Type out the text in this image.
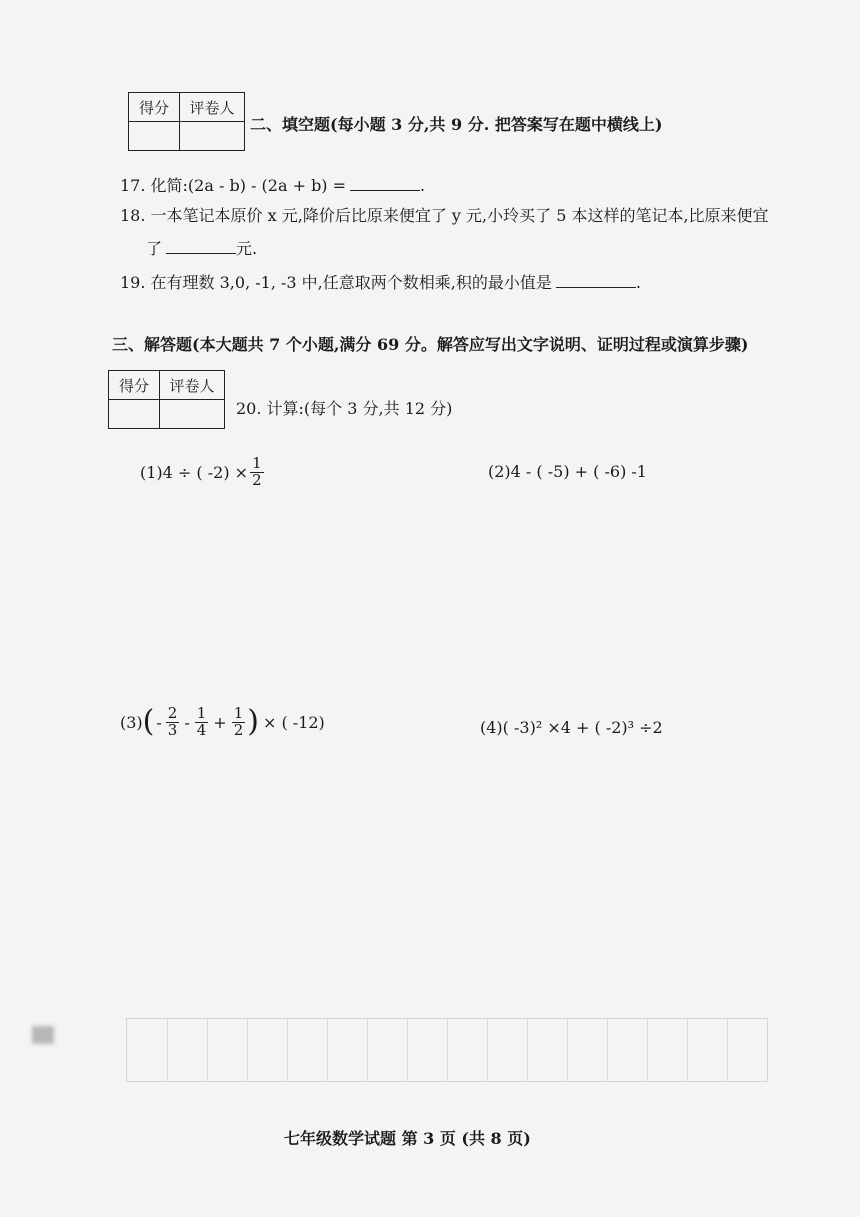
得分	评卷人

二、填空题(每小题 3 分,共 9 分. 把答案写在题中横线上)
17. 化简:(2a - b) - (2a + b) =	.
18. 一本笔记本原价 x 元,降价后比原来便宜了 y 元,小玲买了 5 本这样的笔记本,比原来便宜
了	元.
19. 在有理数 3,0, -1, -3 中,任意取两个数相乘,积的最小值是	.
三、解答题(本大题共 7 个小题,满分 69 分。解答应写出文字说明、证明过程或演算步骤)
得分	评卷人

20. 计算:(每个 3 分,共 12 分)
(1)4 ÷ ( $-2) \times \frac{1}{2}$	(2)4 - ( -5) + ( -6) -1
(3) ( - $\frac{2}{3} - \frac{1}{4} + \frac{1}{2}$ ) × ( -12)	(4)( -3)² ×4 + ( -2)³ ÷2
七年级数学试题 第 3 页 (共 8 页)
